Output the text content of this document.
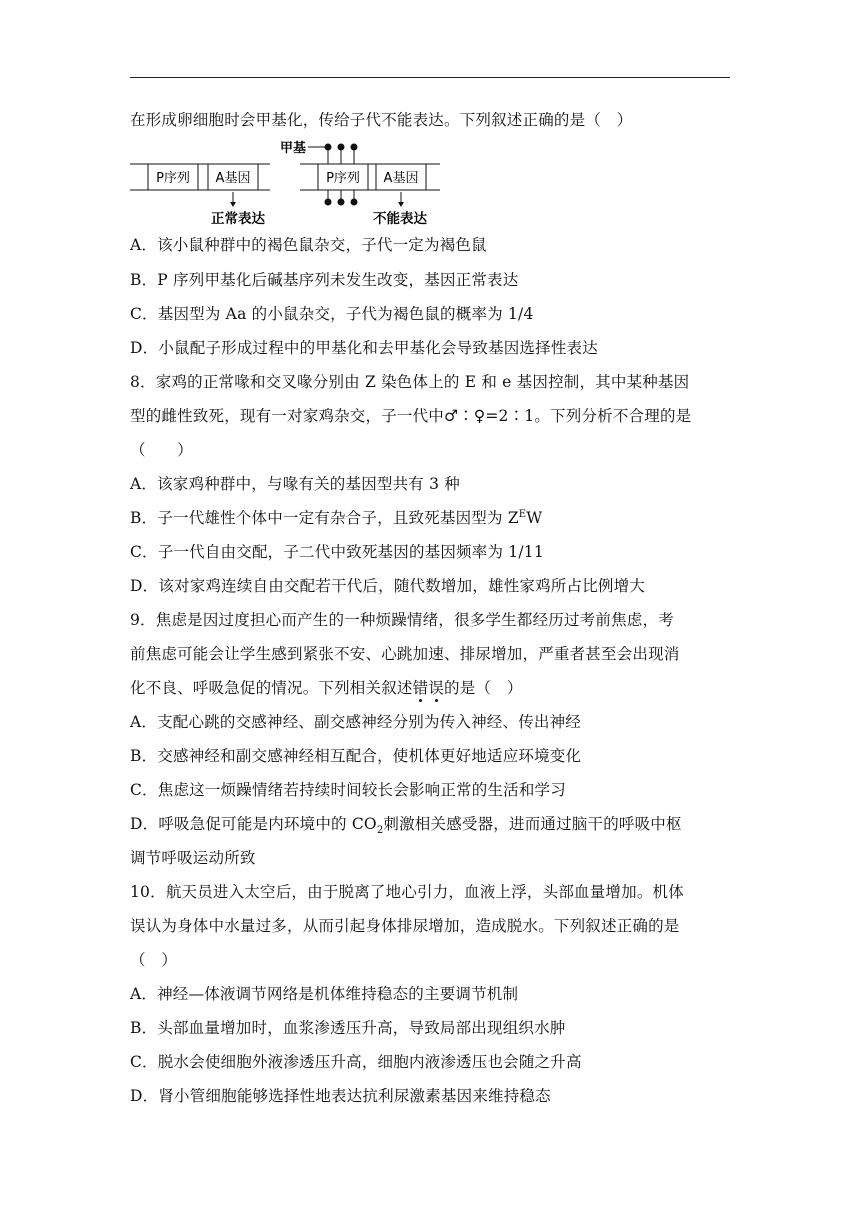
在形成卵细胞时会甲基化，传给子代不能表达。下列叙述正确的是（　）
P序列 A基因
正常表达
甲基
P序列 A基因
不能表达
A．该小鼠种群中的褐色鼠杂交，子代一定为褐色鼠
B．P 序列甲基化后碱基序列未发生改变，基因正常表达
C．基因型为 Aa 的小鼠杂交，子代为褐色鼠的概率为 1/4
D．小鼠配子形成过程中的甲基化和去甲基化会导致基因选择性表达
8．家鸡的正常喙和交叉喙分别由 Z 染色体上的 E 和 e 基因控制，其中某种基因
型的雌性致死，现有一对家鸡杂交，子一代中♂∶♀=2∶1。下列分析不合理的是
（　　）
A．该家鸡种群中，与喙有关的基因型共有 3 种
B．子一代雄性个体中一定有杂合子，且致死基因型为 $Z^EW$
C．子一代自由交配，子二代中致死基因的基因频率为 1/11
D．该对家鸡连续自由交配若干代后，随代数增加，雄性家鸡所占比例增大
9．焦虑是因过度担心而产生的一种烦躁情绪，很多学生都经历过考前焦虑，考
前焦虑可能会让学生感到紧张不安、心跳加速、排尿增加，严重者甚至会出现消
化不良、呼吸急促的情况。下列相关叙述错误的是（　）
A．支配心跳的交感神经、副交感神经分别为传入神经、传出神经
B．交感神经和副交感神经相互配合，使机体更好地适应环境变化
C．焦虑这一烦躁情绪若持续时间较长会影响正常的生活和学习
D．呼吸急促可能是内环境中的 $CO_2$刺激相关感受器，进而通过脑干的呼吸中枢
调节呼吸运动所致
10．航天员进入太空后，由于脱离了地心引力，血液上浮，头部血量增加。机体
误认为身体中水量过多，从而引起身体排尿增加，造成脱水。下列叙述正确的是
（　）
A．神经—体液调节网络是机体维持稳态的主要调节机制
B．头部血量增加时，血浆渗透压升高，导致局部出现组织水肿
C．脱水会使细胞外液渗透压升高，细胞内液渗透压也会随之升高
D．肾小管细胞能够选择性地表达抗利尿激素基因来维持稳态
